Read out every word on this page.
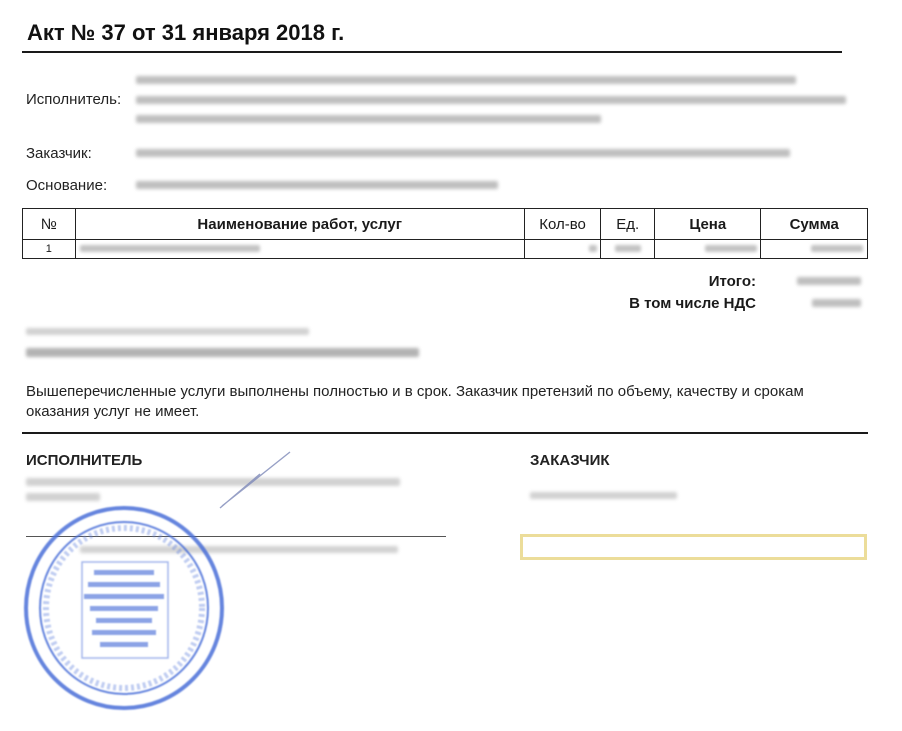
Акт № 37 от 31 января 2018 г.
Исполнитель:
Заказчик:
Основание:
№	Наименование работ, услуг	Кол-во	Ед.	Цена	Сумма
1	

Итого:
В том числе НДС
Вышеперечисленные услуги выполнены полностью и в срок. Заказчик претензий по объему, качеству и срокам оказания услуг не имеет.
ИСПОЛНИТЕЛЬ	ЗАКАЗЧИК
